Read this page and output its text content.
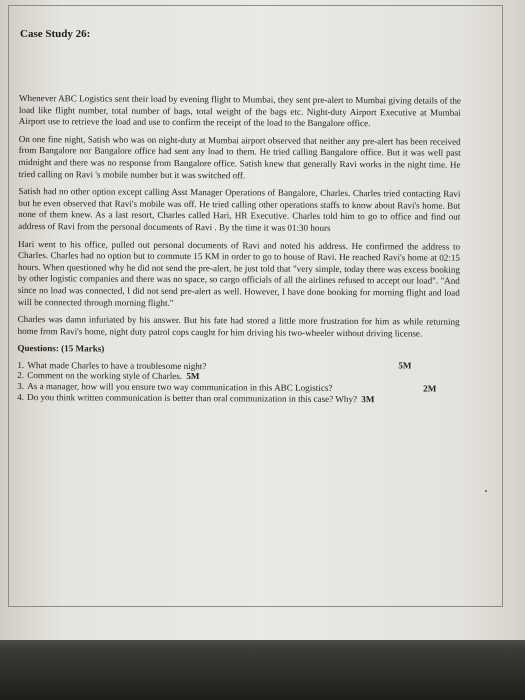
Case Study 26:

Whenever ABC Logistics sent their load by evening flight to Mumbai, they sent pre-alert to Mumbai giving details of the load like flight number, total number of bags, total weight of the bags etc. Night-duty Airport Executive at Mumbai Airport use to retrieve the load and use to confirm the receipt of the load to the Bangalore office.

On one fine night, Satish who was on night-duty at Mumbai airport observed that neither any pre-alert has been received from Bangalore nor Bangalore office had sent any load to them. He tried calling Bangalore office. But it was well past midnight and there was no response from Bangalore office. Satish knew that generally Ravi works in the night time. He tried calling on Ravi 's mobile number but it was switched off.

Satish had no other option except calling Asst Manager Operations of Bangalore, Charles. Charles tried contacting Ravi but he even observed that Ravi's mobile was off. He tried calling other operations staffs to know about Ravi's home. But none of them knew. As a last resort, Charles called Hari, HR Executive. Charles told him to go to office and find out address of Ravi from the personal documents of Ravi . By the time it was 01:30 hours

Hari went to his office, pulled out personal documents of Ravi and noted his address. He confirmed the address to Charles. Charles had no option but to commute 15 KM in order to go to house of Ravi. He reached Ravi's home at 02:15 hours. When questioned why he did not send the pre-alert, he just told that "very simple, today there was excess booking by other logistic companies and there was no space, so cargo officials of all the airlines refused to accept our load". "And since no load was connected, I did not send pre-alert as well. However, I have done booking for morning flight and load will be connected through morning flight."

Charles was damn infuriated by his answer. But his fate had stored a little more frustration for him as while returning home from Ravi's home, night duty patrol cops caught for him driving his two-wheeler without driving license.

Questions: (15 Marks)
1. What made Charles to have a troublesome night?	5M
2. Comment on the working style of Charles. 5M
3. As a manager, how will you ensure two way communication in this ABC Logistics?	2M
4. Do you think written communication is better than oral communization in this case? Why? 3M
